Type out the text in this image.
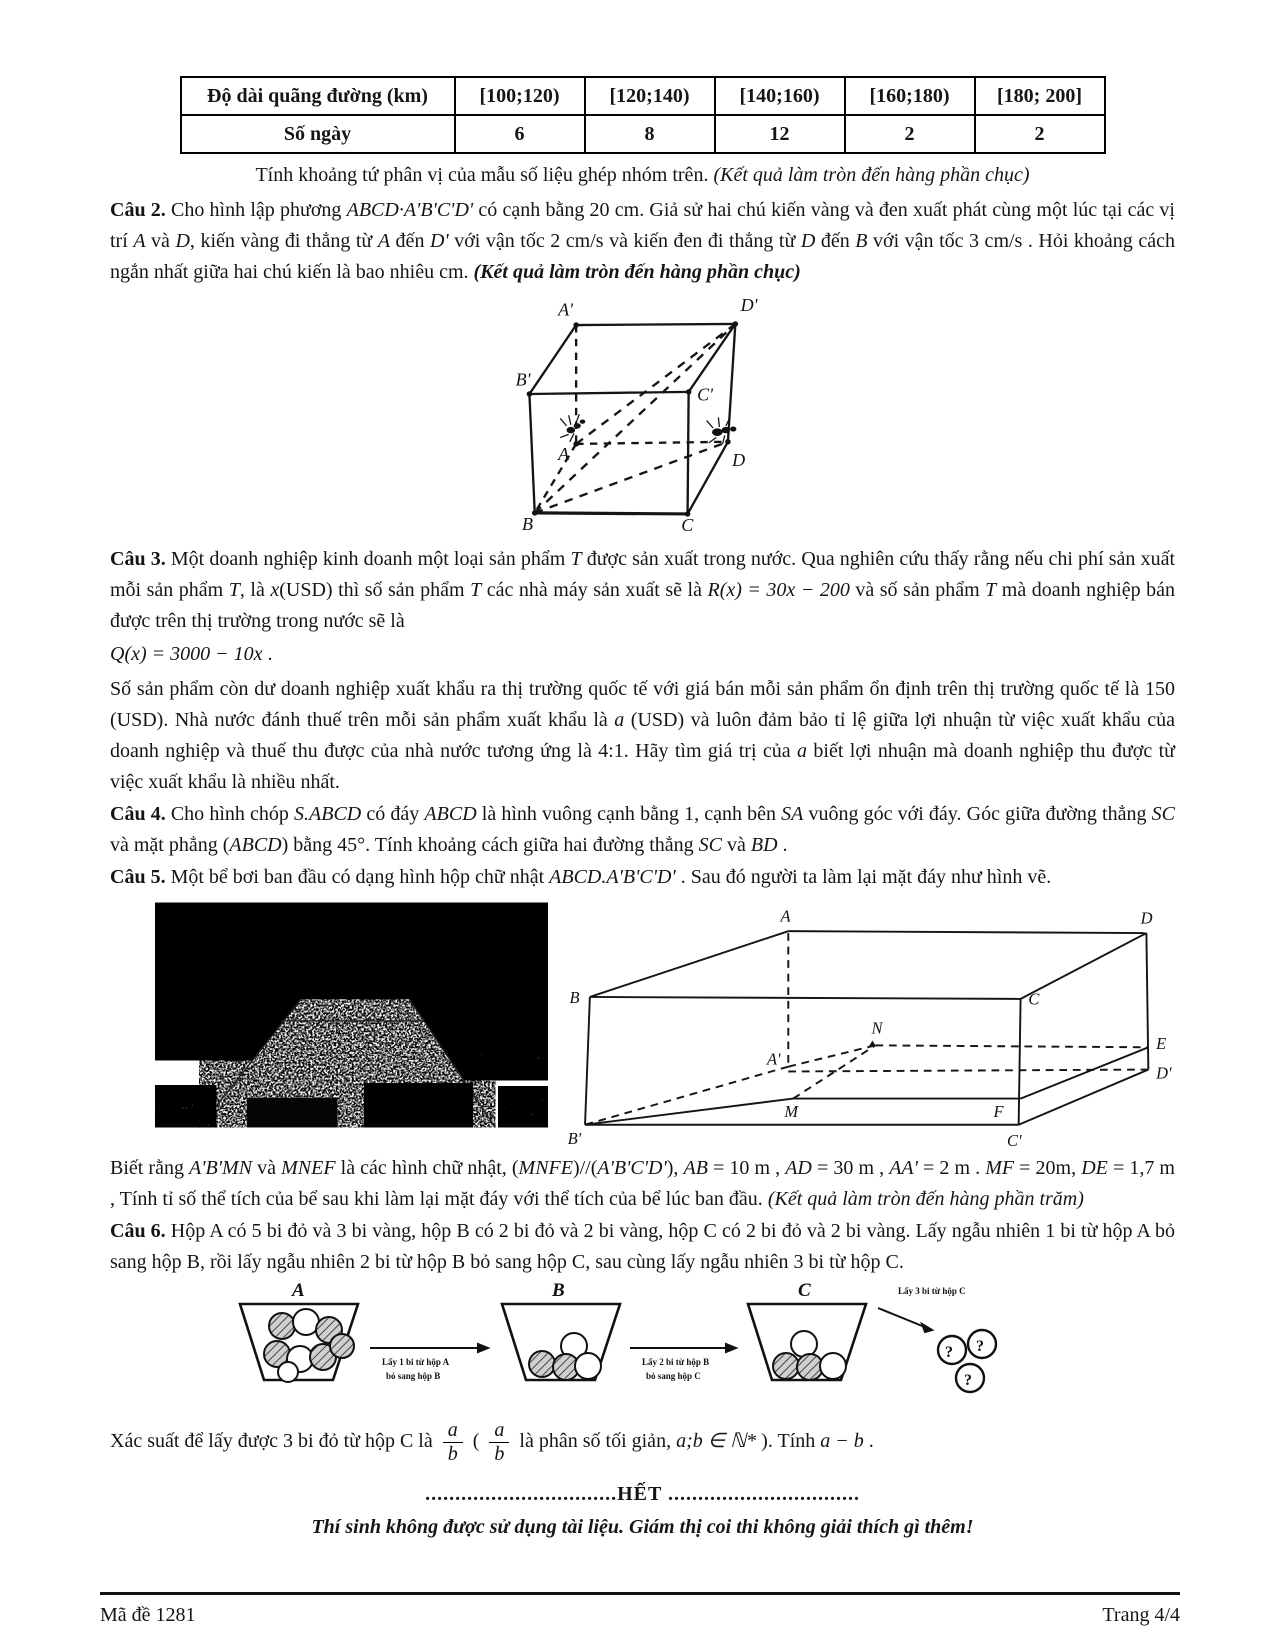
Độ dài quãng đường (km)	[100;120)	[120;140)	[140;160)	[160;180)	[180; 200]
Số ngày	6	8	12	2	2

Tính khoảng tứ phân vị của mẫu số liệu ghép nhóm trên. (Kết quả làm tròn đến hàng phần chục)

Câu 2. Cho hình lập phương ABCD·A'B'C'D' có cạnh bằng 20 cm. Giả sử hai chú kiến vàng và đen xuất phát cùng một lúc tại các vị trí A và D, kiến vàng đi thẳng từ A đến D' với vận tốc 2 cm/s và kiến đen đi thẳng từ D đến B với vận tốc 3 cm/s . Hỏi khoảng cách ngắn nhất giữa hai chú kiến là bao nhiêu cm. (Kết quả làm tròn đến hàng phần chục)

A'	D'
B'
C'
A	D
B	C

Câu 3. Một doanh nghiệp kinh doanh một loại sản phẩm T được sản xuất trong nước. Qua nghiên cứu thấy rằng nếu chi phí sản xuất mỗi sản phẩm T, là x(USD) thì số sản phẩm T các nhà máy sản xuất sẽ là R(x) = 30x − 200 và số sản phẩm T mà doanh nghiệp bán được trên thị trường trong nước sẽ là

Q(x) = 3000 − 10x .

Số sản phẩm còn dư doanh nghiệp xuất khẩu ra thị trường quốc tế với giá bán mỗi sản phẩm ổn định trên thị trường quốc tế là 150 (USD). Nhà nước đánh thuế trên mỗi sản phẩm xuất khẩu là a (USD) và luôn đảm bảo tỉ lệ giữa lợi nhuận từ việc xuất khẩu của doanh nghiệp và thuế thu được của nhà nước tương ứng là 4:1. Hãy tìm giá trị của a biết lợi nhuận mà doanh nghiệp thu được từ việc xuất khẩu là nhiều nhất.

Câu 4. Cho hình chóp S.ABCD có đáy ABCD là hình vuông cạnh bằng 1, cạnh bên SA vuông góc với đáy. Góc giữa đường thẳng SC và mặt phẳng (ABCD) bằng 45°. Tính khoảng cách giữa hai đường thẳng SC và BD .

Câu 5. Một bể bơi ban đầu có dạng hình hộp chữ nhật ABCD.A'B'C'D' . Sau đó người ta làm lại mặt đáy như hình vẽ.

A	D
B	C
A'
B'	C'
D'
E
F
M
N

Biết rằng A'B'MN và MNEF là các hình chữ nhật, (MNFE)//(A'B'C'D'), AB = 10 m , AD = 30 m , AA' = 2 m . MF = 20m, DE = 1,7 m , Tính tỉ số thể tích của bể sau khi làm lại mặt đáy với thể tích của bể lúc ban đầu. (Kết quả làm tròn đến hàng phần trăm)

Câu 6. Hộp A có 5 bi đỏ và 3 bi vàng, hộp B có 2 bi đỏ và 2 bi vàng, hộp C có 2 bi đỏ và 2 bi vàng. Lấy ngẫu nhiên 1 bi từ hộp A bỏ sang hộp B, rồi lấy ngẫu nhiên 2 bi từ hộp B bỏ sang hộp C, sau cùng lấy ngẫu nhiên 3 bi từ hộp C.

? ?
?
A	B	C
Lấy 1 bi từ hộp A
bỏ sang hộp B
Lấy 2 bi từ hộp B
bỏ sang hộp C
Lấy 3 bi từ hộp C

Xác suất để lấy được 3 bi đỏ từ hộp C là $\frac{a}{b}$ ( $\frac{a}{b}$ là phân số tối giản, a;b ∈ ℕ* ). Tính a − b .

................................HẾT ................................

Thí sinh không được sử dụng tài liệu. Giám thị coi thi không giải thích gì thêm!

Mã đề 1281	Trang 4/4
